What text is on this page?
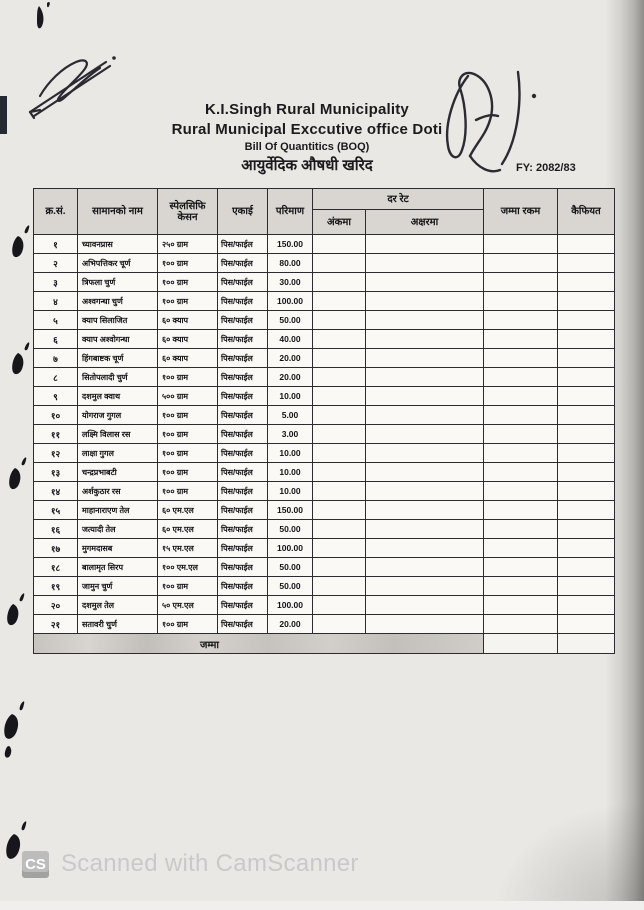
K.I.Singh Rural Municipality
Rural Municipal Exccutive office Doti
Bill Of Quantitics (BOQ)
आयुर्वेदिक औषधी खरिद	FY: 2082/83
क्र.सं.	सामानको नाम	स्पेलसिफि केसन	एकाई	परिमाण	दर रेट		जम्मा रकम	कैफियत
					अंकमा	अक्षरमा		
१	च्यावनप्रास	२५० ग्राम	पिस/फाईल	150.00				
२	अभिपत्तिकर चूर्ण	१०० ग्राम	पिस/फाईल	80.00				
३	त्रिफला चुर्ण	१०० ग्राम	पिस/फाईल	30.00				
४	अश्वगन्धा चुर्ण	१०० ग्राम	पिस/फाईल	100.00				
५	क्याप सिलाजित	६० क्याप	पिस/फाईल	50.00				
६	क्याप अश्वोगन्धा	६० क्याप	पिस/फाईल	40.00				
७	हिंगबाष्टक चूर्ण	६० क्याप	पिस/फाईल	20.00				
८	सितोपलादी चुर्ण	१०० ग्राम	पिस/फाईल	20.00				
९	दशमुल क्वाथ	५०० ग्राम	पिस/फाईल	10.00				
१०	योगराज गुगल	१०० ग्राम	पिस/फाईल	5.00				
११	लक्ष्मि विलास रस	१०० ग्राम	पिस/फाईल	3.00				
१२	लाक्षा गुगल	१०० ग्राम	पिस/फाईल	10.00				
१३	चन्द्रप्रभाबटी	१०० ग्राम	पिस/फाईल	10.00				
१४	अर्शकुठार रस	१०० ग्राम	पिस/फाईल	10.00				
१५	माहानाराएण तेल	६० एम.एल	पिस/फाईल	150.00				
१६	जत्यादी तेल	६० एम.एल	पिस/फाईल	50.00				
१७	मुगमदासब	१५ एम.एल	पिस/फाईल	100.00				
१८	बालामृत सिरप	१०० एम.एल	पिस/फाईल	50.00				
१९	जामुन चुर्ण	१०० ग्राम	पिस/फाईल	50.00				
२०	दशमुल तेल	५० एम.एल	पिस/फाईल	100.00				
२१	सतावरी चुर्ण	१०० ग्राम	पिस/फाईल	20.00				
जम्मा								
CS Scanned with CamScanner
